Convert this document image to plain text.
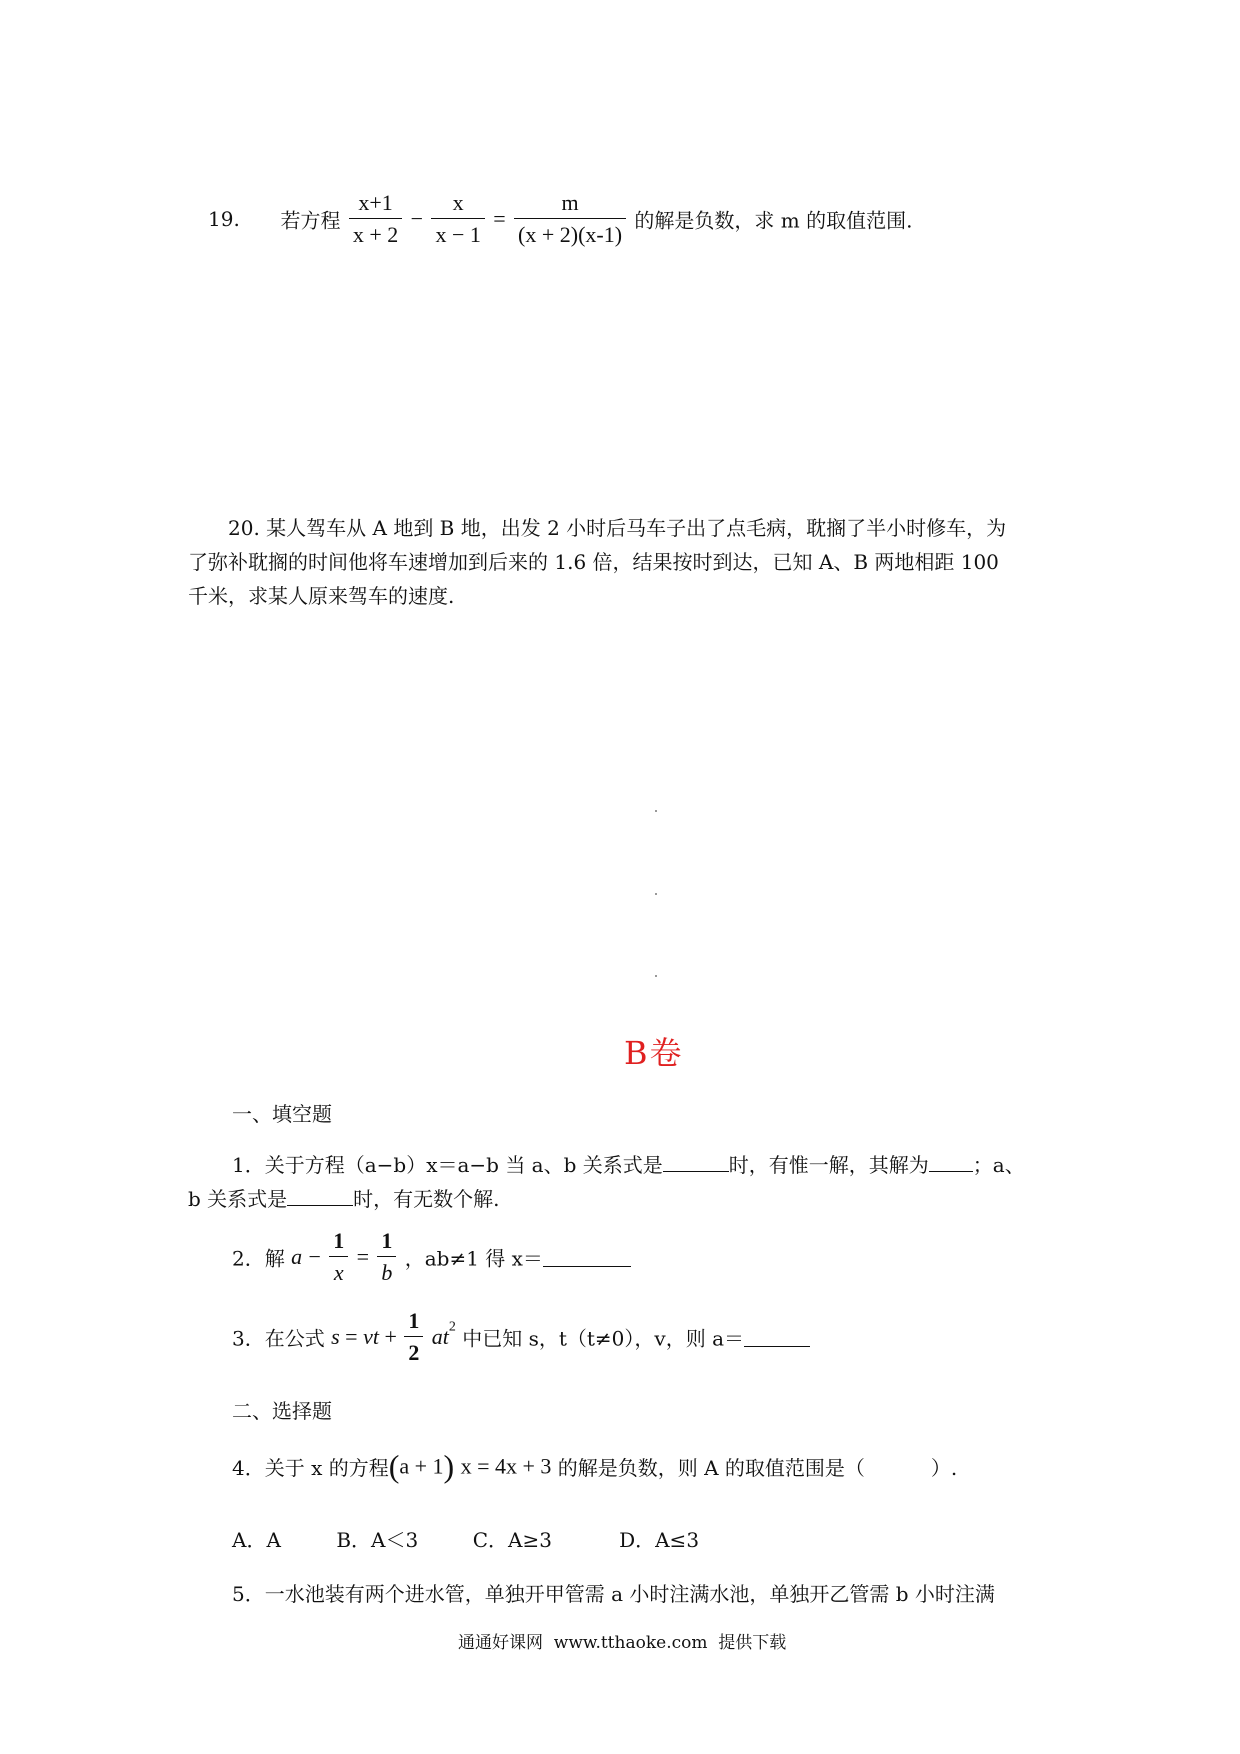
19. 若方程 $\frac{x+1}{x + 2} - \frac{x}{x - 1} = \frac{m}{(x + 2)(x-1)}$ 的解是负数，求 m 的取值范围.
20. 某人驾车从 A 地到 B 地，出发 2 小时后马车子出了点毛病，耽搁了半小时修车，为
了弥补耽搁的时间他将车速增加到后来的 1.6 倍，结果按时到达，已知 A、B 两地相距 100
千米，求某人原来驾车的速度.
B卷
一、填空题
1．关于方程（a−b）x＝a−b 当 a、b 关系式是	时，有惟一解，其解为 ；a、
b 关系式是	时，有无数个解.
2．解 $a - \frac{1}{x} = \frac{1}{b}$ ，ab≠1 得 x＝
3．在公式 s = vt + $\frac{1}{2} at^2$ 中已知 s，t（t≠0），v，则 a＝
二、选择题
4．关于 x 的方程(a + 1) x = 4x + 3 的解是负数，则 A 的取值范围是（	）.
A．A	B．A＜3	C．A≥3	D．A≤3
5．一水池装有两个进水管，单独开甲管需 a 小时注满水池，单独开乙管需 b 小时注满
通通好课网  www.tthaoke.com  提供下载
